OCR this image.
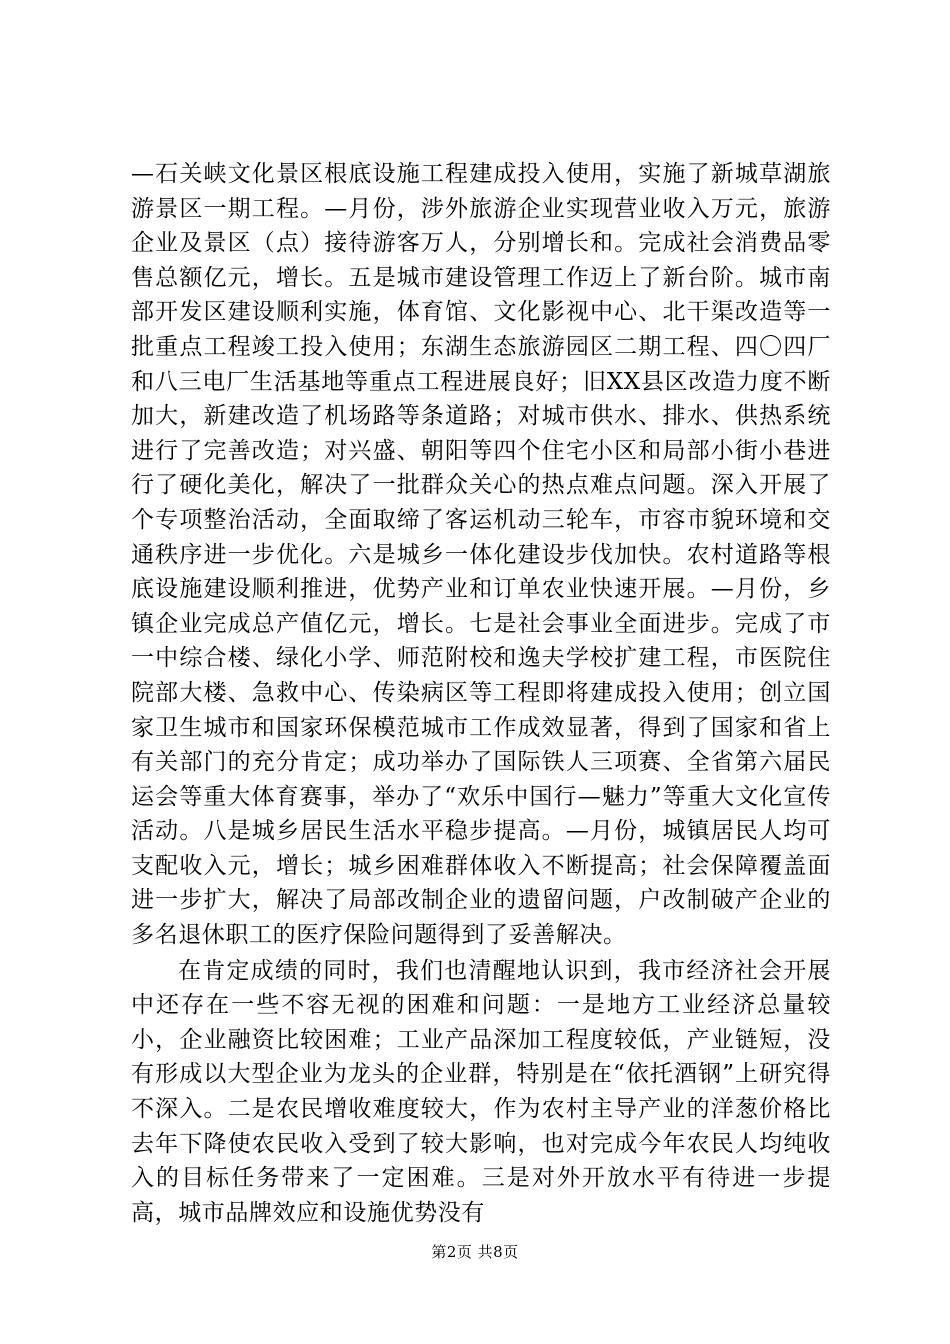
—石关峡文化景区根底设施工程建成投入使用，实施了新城草湖旅游景区一期工程。—月份，涉外旅游企业实现营业收入万元，旅游企业及景区（点）接待游客万人，分别增长和。完成社会消费品零售总额亿元，增长。五是城市建设管理工作迈上了新台阶。城市南部开发区建设顺利实施，体育馆、文化影视中心、北干渠改造等一批重点工程竣工投入使用；东湖生态旅游园区二期工程、四〇四厂和八三电厂生活基地等重点工程进展良好；旧XX县区改造力度不断加大，新建改造了机场路等条道路；对城市供水、排水、供热系统进行了完善改造；对兴盛、朝阳等四个住宅小区和局部小街小巷进行了硬化美化，解决了一批群众关心的热点难点问题。深入开展了个专项整治活动，全面取缔了客运机动三轮车，市容市貌环境和交通秩序进一步优化。六是城乡一体化建设步伐加快。农村道路等根底设施建设顺利推进，优势产业和订单农业快速开展。—月份，乡镇企业完成总产值亿元，增长。七是社会事业全面进步。完成了市一中综合楼、绿化小学、师范附校和逸夫学校扩建工程，市医院住院部大楼、急救中心、传染病区等工程即将建成投入使用；创立国家卫生城市和国家环保模范城市工作成效显著，得到了国家和省上有关部门的充分肯定；成功举办了国际铁人三项赛、全省第六届民运会等重大体育赛事，举办了“欢乐中国行—魅力”等重大文化宣传活动。八是城乡居民生活水平稳步提高。—月份，城镇居民人均可支配收入元，增长；城乡困难群体收入不断提高；社会保障覆盖面进一步扩大，解决了局部改制企业的遗留问题，户改制破产企业的多名退休职工的医疗保险问题得到了妥善解决。

在肯定成绩的同时，我们也清醒地认识到，我市经济社会开展中还存在一些不容无视的困难和问题：一是地方工业经济总量较小，企业融资比较困难；工业产品深加工程度较低，产业链短，没有形成以大型企业为龙头的企业群，特别是在“依托酒钢”上研究得不深入。二是农民增收难度较大，作为农村主导产业的洋葱价格比去年下降使农民收入受到了较大影响，也对完成今年农民人均纯收入的目标任务带来了一定困难。三是对外开放水平有待进一步提高，城市品牌效应和设施优势没有

第2页 共8页
